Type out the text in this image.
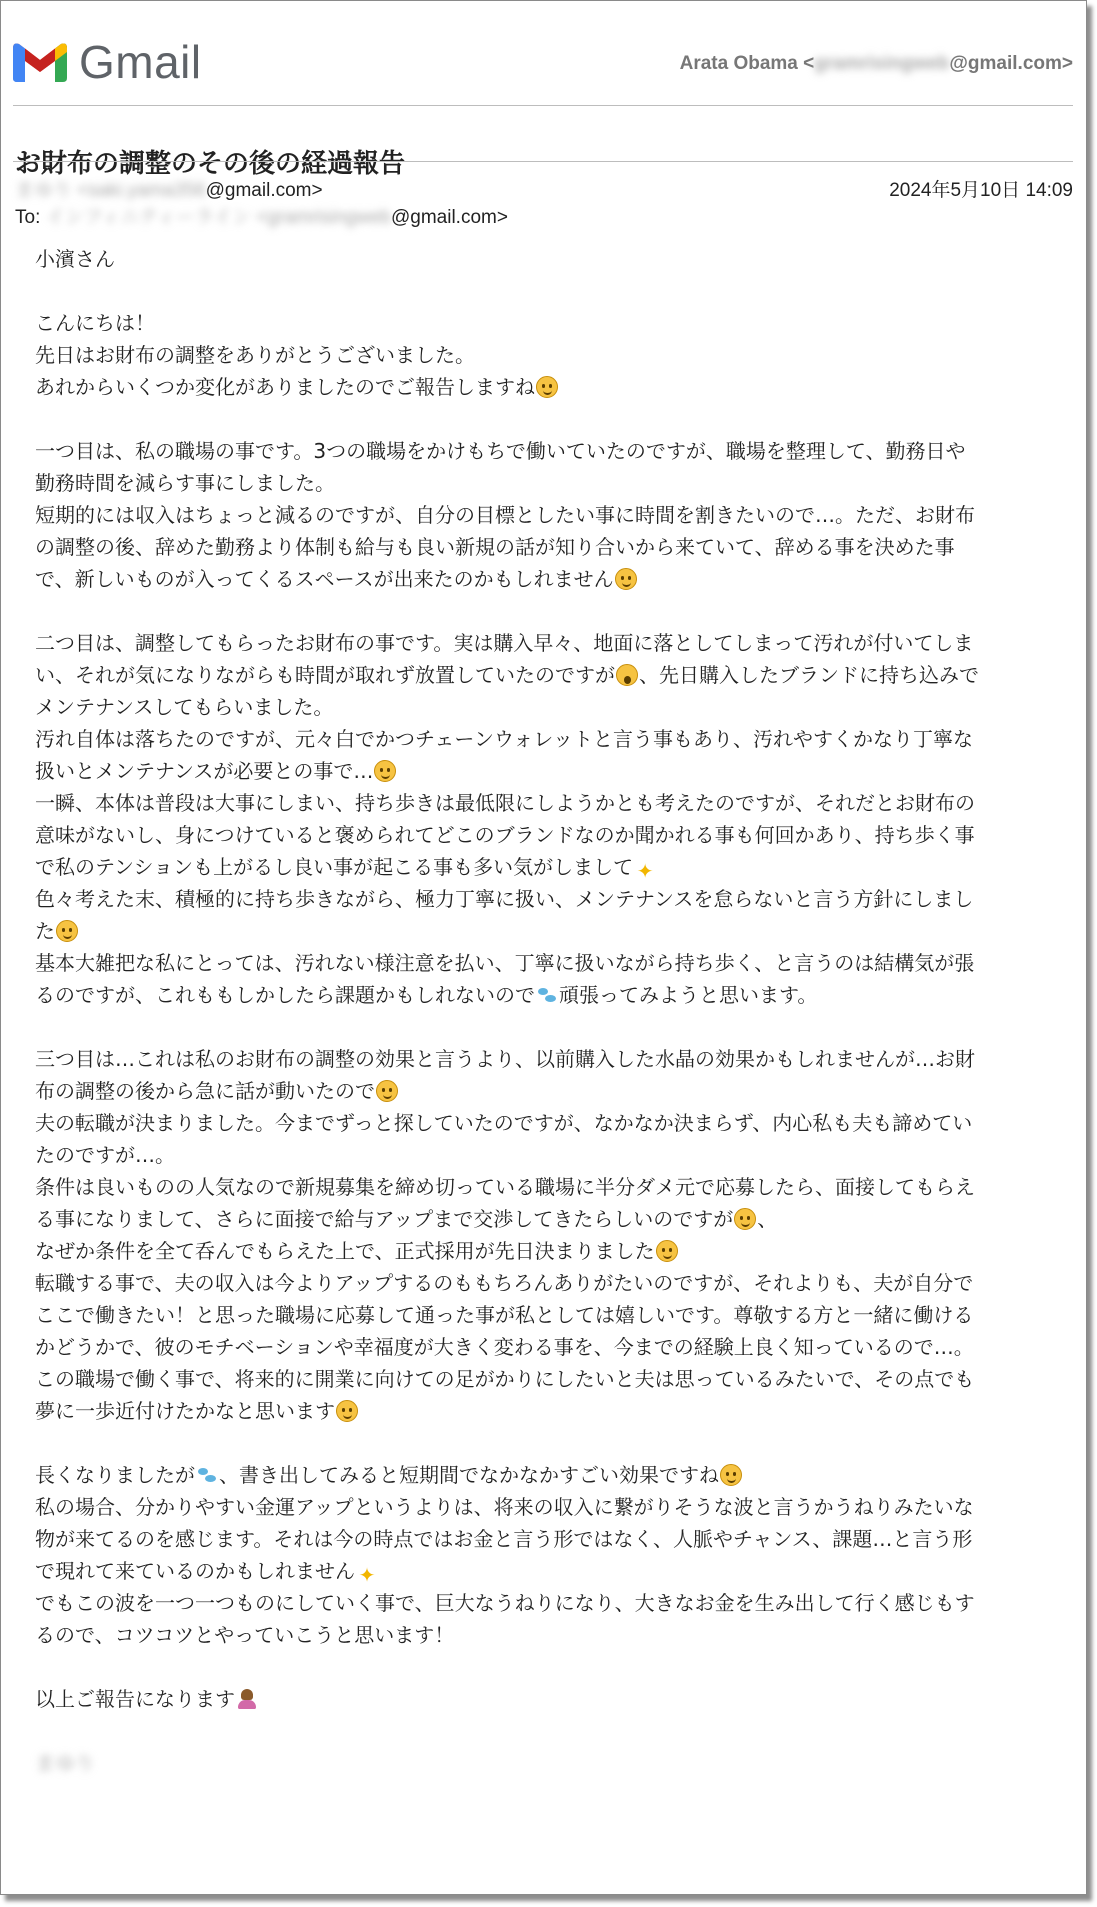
Gmail	Arata Obama <gramrisingweb@gmail.com>
お財布の調整のその後の経過報告
まゆり <saki.yama356@gmail.com>	2024年5月10日 14:09
To: インフィニティーライン <gramrisingweb@gmail.com>
小濱さん
こんにちは！
先日はお財布の調整をありがとうございました。
あれからいくつか変化がありましたのでご報告しますね
一つ目は、私の職場の事です。3つの職場をかけもちで働いていたのですが、職場を整理して、勤務日や
勤務時間を減らす事にしました。
短期的には収入はちょっと減るのですが、自分の目標としたい事に時間を割きたいので…。ただ、お財布
の調整の後、辞めた勤務より体制も給与も良い新規の話が知り合いから来ていて、辞める事を決めた事
で、新しいものが入ってくるスペースが出来たのかもしれません
二つ目は、調整してもらったお財布の事です。実は購入早々、地面に落としてしまって汚れが付いてしま
い、それが気になりながらも時間が取れず放置していたのですが 、先日購入したブランドに持ち込みで
メンテナンスしてもらいました。
汚れ自体は落ちたのですが、元々白でかつチェーンウォレットと言う事もあり、汚れやすくかなり丁寧な
扱いとメンテナンスが必要との事で…
一瞬、本体は普段は大事にしまい、持ち歩きは最低限にしようかとも考えたのですが、それだとお財布の
意味がないし、身につけていると褒められてどこのブランドなのか聞かれる事も何回かあり、持ち歩く事
で私のテンションも上がるし良い事が起こる事も多い気がしまして ✦
色々考えた末、積極的に持ち歩きながら、極力丁寧に扱い、メンテナンスを怠らないと言う方針にしまし
た
基本大雑把な私にとっては、汚れない様注意を払い、丁寧に扱いながら持ち歩く、と言うのは結構気が張
るのですが、これももしかしたら課題かもしれないので 頑張ってみようと思います。
三つ目は…これは私のお財布の調整の効果と言うより、以前購入した水晶の効果かもしれませんが…お財
布の調整の後から急に話が動いたので
夫の転職が決まりました。今までずっと探していたのですが、なかなか決まらず、内心私も夫も諦めてい
たのですが…。
条件は良いものの人気なので新規募集を締め切っている職場に半分ダメ元で応募したら、面接してもらえ
る事になりまして、さらに面接で給与アップまで交渉してきたらしいのですが 、
なぜか条件を全て呑んでもらえた上で、正式採用が先日決まりました
転職する事で、夫の収入は今よりアップするのももちろんありがたいのですが、それよりも、夫が自分で
ここで働きたい！と思った職場に応募して通った事が私としては嬉しいです。尊敬する方と一緒に働ける
かどうかで、彼のモチベーションや幸福度が大きく変わる事を、今までの経験上良く知っているので…。
この職場で働く事で、将来的に開業に向けての足がかりにしたいと夫は思っているみたいで、その点でも
夢に一歩近付けたかなと思います
長くなりましたが 、書き出してみると短期間でなかなかすごい効果ですね
私の場合、分かりやすい金運アップというよりは、将来の収入に繋がりそうな波と言うかうねりみたいな
物が来てるのを感じます。それは今の時点ではお金と言う形ではなく、人脈やチャンス、課題…と言う形
で現れて来ているのかもしれません ✦
でもこの波を一つ一つものにしていく事で、巨大なうねりになり、大きなお金を生み出して行く感じもす
るので、コツコツとやっていこうと思います！
以上ご報告になります
まゆり
